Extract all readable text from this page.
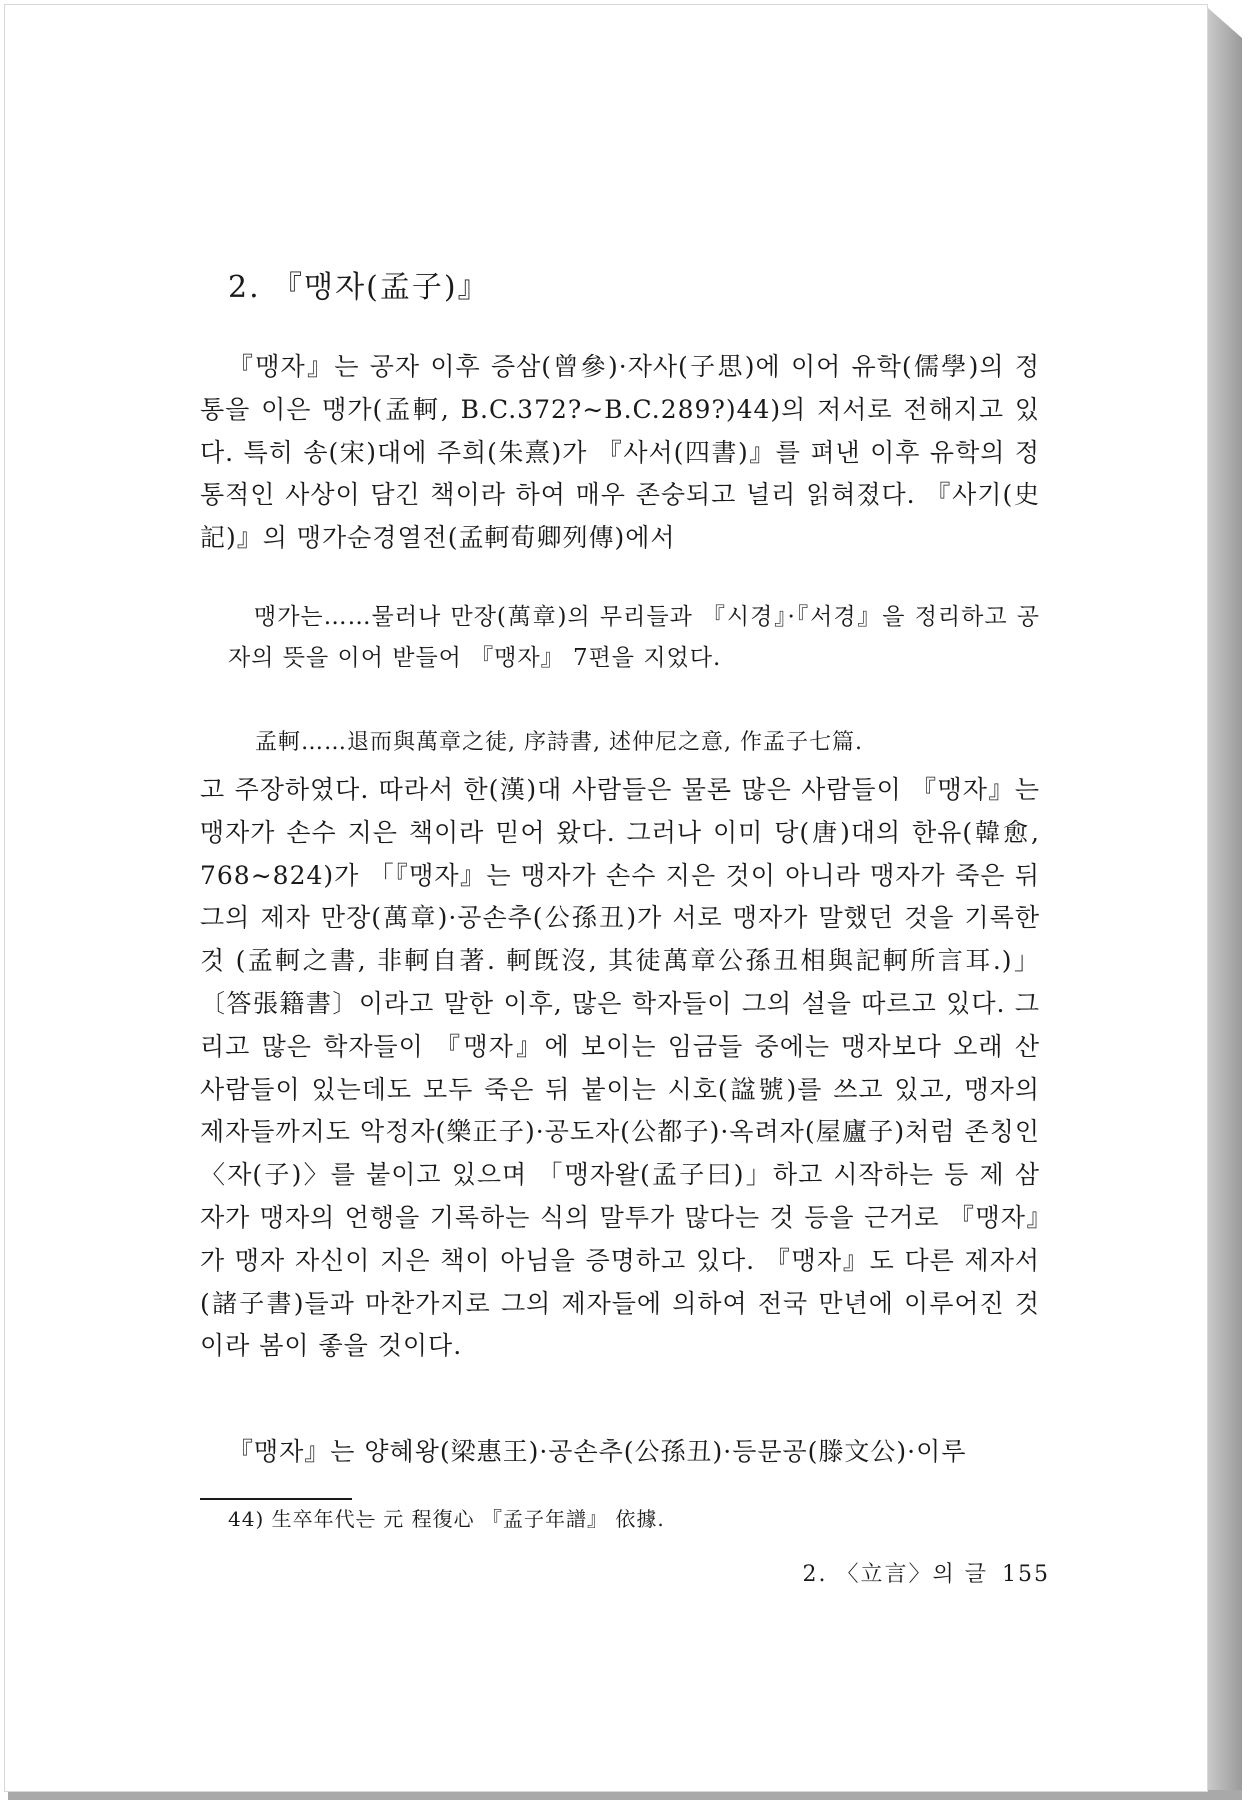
2. 『맹자(孟子)』

『맹자』는 공자 이후 증삼(曾參)·자사(子思)에 이어 유학(儒學)의 정통을 이은 맹가(孟軻, B.C.372?∼B.C.289?)44)의 저서로 전해지고 있다. 특히 송(宋)대에 주희(朱熹)가 『사서(四書)』를 펴낸 이후 유학의 정통적인 사상이 담긴 책이라 하여 매우 존숭되고 널리 읽혀졌다. 『사기(史記)』의 맹가순경열전(孟軻荀卿列傳)에서

맹가는……물러나 만장(萬章)의 무리들과 『시경』·『서경』을 정리하고 공자의 뜻을 이어 받들어 『맹자』 7편을 지었다.

孟軻……退而與萬章之徒, 序詩書, 述仲尼之意, 作孟子七篇.

고 주장하였다. 따라서 한(漢)대 사람들은 물론 많은 사람들이 『맹자』는 맹자가 손수 지은 책이라 믿어 왔다. 그러나 이미 당(唐)대의 한유(韓愈, 768∼824)가 「『맹자』는 맹자가 손수 지은 것이 아니라 맹자가 죽은 뒤 그의 제자 만장(萬章)·공손추(公孫丑)가 서로 맹자가 말했던 것을 기록한 것 (孟軻之書, 非軻自著. 軻旣沒, 其徒萬章公孫丑相與記軻所言耳.)」 〔答張籍書〕이라고 말한 이후, 많은 학자들이 그의 설을 따르고 있다. 그리고 많은 학자들이 『맹자』에 보이는 임금들 중에는 맹자보다 오래 산 사람들이 있는데도 모두 죽은 뒤 붙이는 시호(諡號)를 쓰고 있고, 맹자의 제자들까지도 악정자(樂正子)·공도자(公都子)·옥려자(屋廬子)처럼 존칭인 〈자(子)〉를 붙이고 있으며 「맹자왈(孟子曰)」하고 시작하는 등 제 삼자가 맹자의 언행을 기록하는 식의 말투가 많다는 것 등을 근거로 『맹자』가 맹자 자신이 지은 책이 아님을 증명하고 있다. 『맹자』도 다른 제자서(諸子書)들과 마찬가지로 그의 제자들에 의하여 전국 만년에 이루어진 것이라 봄이 좋을 것이다.

『맹자』는 양혜왕(梁惠王)·공손추(公孫丑)·등문공(滕文公)·이루

44) 生卒年代는 元 程復心 『孟子年譜』 依據.

2. 〈立言〉의 글 155
